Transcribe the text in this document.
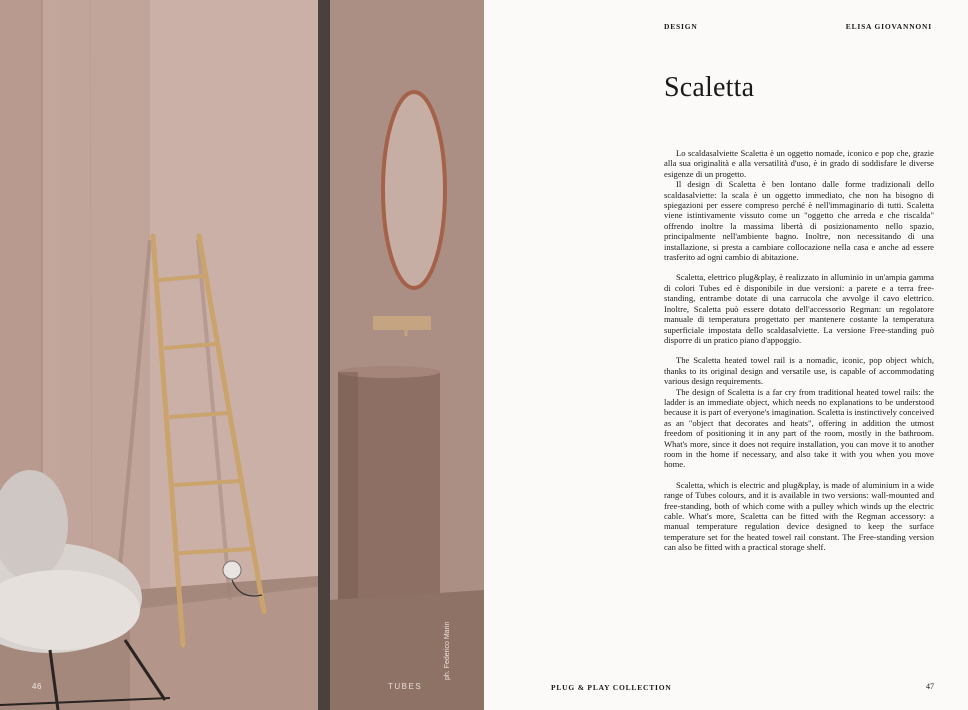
46	TUBES
ph. Federico Marin
DESIGN	ELISA GIOVANNONI
Scaletta

Lo scaldasalviette Scaletta è un oggetto nomade, iconico e pop che, grazie alla sua originalità e alla versatilità d'uso, è in grado di soddisfare le diverse esigenze di un progetto.

Il design di Scaletta è ben lontano dalle forme tradizionali dello scaldasalviette: la scala è un oggetto immediato, che non ha bisogno di spiegazioni per essere compreso perché è nell'immaginario di tutti. Scaletta viene istintivamente vissuto come un "oggetto che arreda e che riscalda" offrendo inoltre la massima libertà di posizionamento nello spazio, principalmente nell'ambiente bagno. Inoltre, non necessitando di una installazione, si presta a cambiare collocazione nella casa e anche ad essere trasferito ad ogni cambio di abitazione.

Scaletta, elettrico plug&play, è realizzato in alluminio in un'ampia gamma di colori Tubes ed è disponibile in due versioni: a parete e a terra free-standing, entrambe dotate di una carrucola che avvolge il cavo elettrico. Inoltre, Scaletta può essere dotato dell'accessorio Regman: un regolatore manuale di temperatura progettato per mantenere costante la temperatura superficiale impostata dello scaldasalviette. La versione Free-standing può disporre di un pratico piano d'appoggio.

The Scaletta heated towel rail is a nomadic, iconic, pop object which, thanks to its original design and versatile use, is capable of accommodating various design requirements.

The design of Scaletta is a far cry from traditional heated towel rails: the ladder is an immediate object, which needs no explanations to be understood because it is part of everyone's imagination. Scaletta is instinctively conceived as an "object that decorates and heats", offering in addition the utmost freedom of positioning it in any part of the room, mostly in the bathroom. What's more, since it does not require installation, you can move it to another room in the home if necessary, and also take it with you when you move home.

Scaletta, which is electric and plug&play, is made of aluminium in a wide range of Tubes colours, and it is available in two versions: wall-mounted and free-standing, both of which come with a pulley which winds up the electric cable. What's more, Scaletta can be fitted with the Regman accessory: a manual temperature regulation device designed to keep the surface temperature set for the heated towel rail constant. The Free-standing version can also be fitted with a practical storage shelf.

PLUG & PLAY COLLECTION	47
